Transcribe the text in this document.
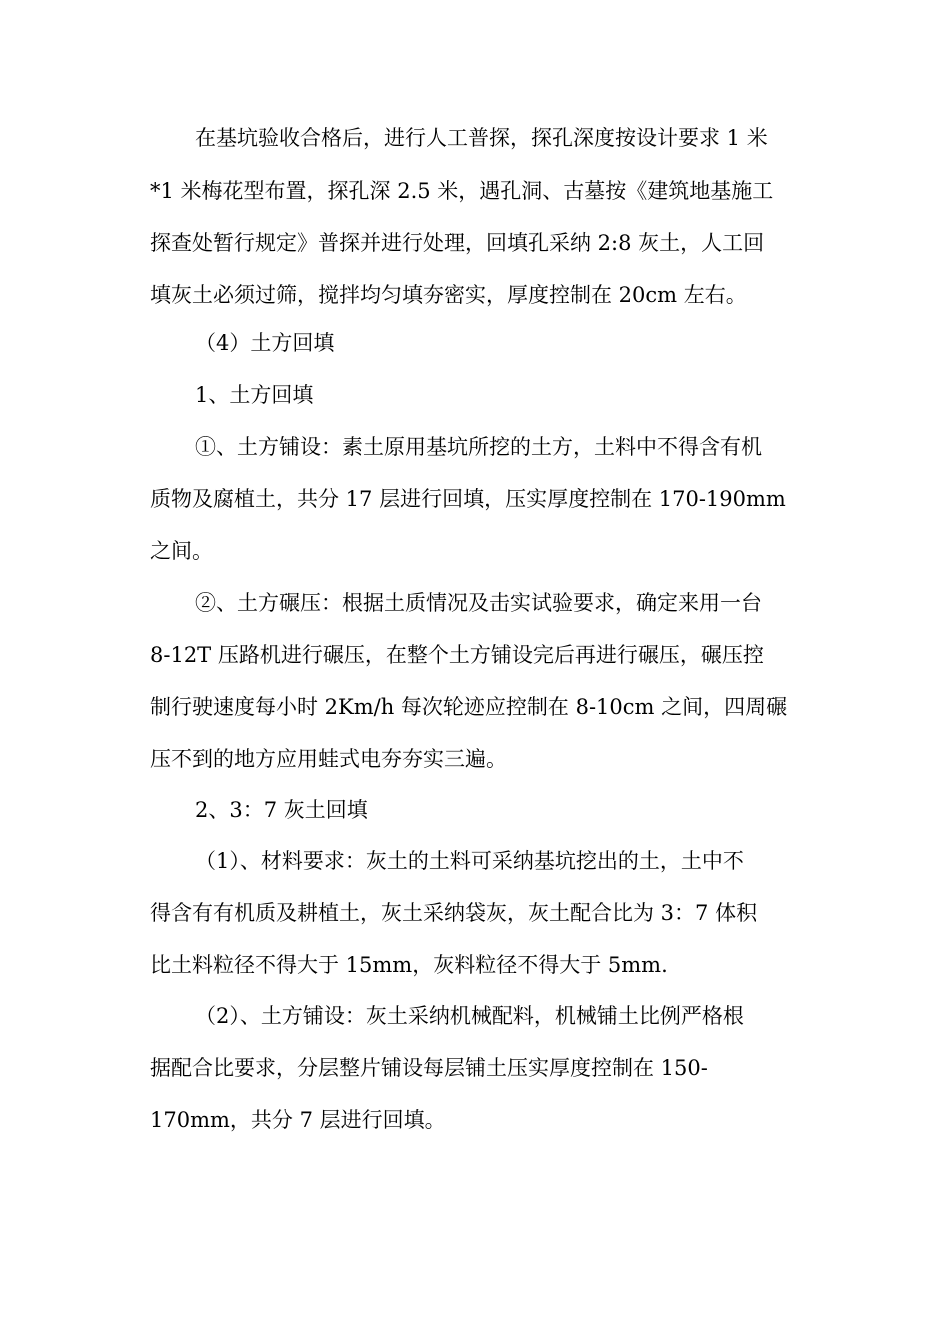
在基坑验收合格后，进行人工普探，探孔深度按设计要求 1 米
*1 米梅花型布置，探孔深 2.5 米，遇孔洞、古墓按《建筑地基施工
探查处暂行规定》普探并进行处理，回填孔采纳 2:8 灰土，人工回
填灰土必须过筛，搅拌均匀填夯密实，厚度控制在 20cm 左右。
（4）土方回填
1、土方回填
①、土方铺设：素土原用基坑所挖的土方，土料中不得含有机
质物及腐植土，共分 17 层进行回填，压实厚度控制在 170-190mm
之间。
②、土方碾压：根据土质情况及击实试验要求，确定来用一台
8-12T 压路机进行碾压，在整个土方铺设完后再进行碾压，碾压控
制行驶速度每小时 2Km/h 每次轮迹应控制在 8-10cm 之间，四周碾
压不到的地方应用蛙式电夯夯实三遍。
2、3：7 灰土回填
（1）、材料要求：灰土的土料可采纳基坑挖出的土，土中不
得含有有机质及耕植土，灰土采纳袋灰，灰土配合比为 3：7 体积
比土料粒径不得大于 15mm，灰料粒径不得大于 5mm.
（2）、土方铺设：灰土采纳机械配料，机械铺土比例严格根
据配合比要求，分层整片铺设每层铺土压实厚度控制在 150-
170mm，共分 7 层进行回填。
